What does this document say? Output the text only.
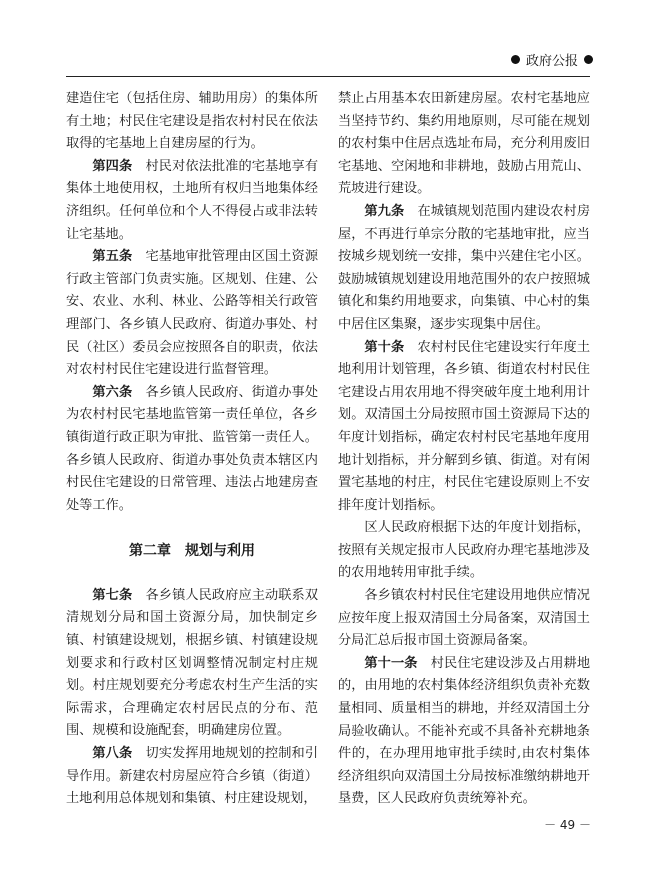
政府公报

建造住宅（包括住房、辅助用房）的集体所有土地；村民住宅建设是指农村村民在依法取得的宅基地上自建房屋的行为。

第四条　村民对依法批准的宅基地享有集体土地使用权，土地所有权归当地集体经济组织。任何单位和个人不得侵占或非法转让宅基地。

第五条　宅基地审批管理由区国土资源行政主管部门负责实施。区规划、住建、公安、农业、水利、林业、公路等相关行政管理部门、各乡镇人民政府、街道办事处、村民（社区）委员会应按照各自的职责，依法对农村村民住宅建设进行监督管理。

第六条　各乡镇人民政府、街道办事处为农村村民宅基地监管第一责任单位，各乡镇街道行政正职为审批、监管第一责任人。各乡镇人民政府、街道办事处负责本辖区内村民住宅建设的日常管理、违法占地建房查处等工作。

第二章　规划与利用

第七条　各乡镇人民政府应主动联系双清规划分局和国土资源分局，加快制定乡镇、村镇建设规划，根据乡镇、村镇建设规划要求和行政村区划调整情况制定村庄规划。村庄规划要充分考虑农村生产生活的实际需求，合理确定农村居民点的分布、范围、规模和设施配套，明确建房位置。

第八条　切实发挥用地规划的控制和引导作用。新建农村房屋应符合乡镇（街道）土地利用总体规划和集镇、村庄建设规划，

禁止占用基本农田新建房屋。农村宅基地应当坚持节约、集约用地原则，尽可能在规划的农村集中住居点选址布局，充分利用废旧宅基地、空闲地和非耕地，鼓励占用荒山、荒坡进行建设。

第九条　在城镇规划范围内建设农村房屋，不再进行单宗分散的宅基地审批，应当按城乡规划统一安排，集中兴建住宅小区。鼓励城镇规划建设用地范围外的农户按照城镇化和集约用地要求，向集镇、中心村的集中居住区集聚，逐步实现集中居住。

第十条　农村村民住宅建设实行年度土地利用计划管理，各乡镇、街道农村村民住宅建设占用农用地不得突破年度土地利用计划。双清国土分局按照市国土资源局下达的年度计划指标，确定农村村民宅基地年度用地计划指标，并分解到乡镇、街道。对有闲置宅基地的村庄，村民住宅建设原则上不安排年度计划指标。

区人民政府根据下达的年度计划指标，按照有关规定报市人民政府办理宅基地涉及的农用地转用审批手续。

各乡镇农村村民住宅建设用地供应情况应按年度上报双清国土分局备案，双清国土分局汇总后报市国土资源局备案。

第十一条　村民住宅建设涉及占用耕地的，由用地的农村集体经济组织负责补充数量相同、质量相当的耕地，并经双清国土分局验收确认。不能补充或不具备补充耕地条件的，在办理用地审批手续时,由农村集体经济组织向双清国土分局按标准缴纳耕地开垦费，区人民政府负责统筹补充。

－ 49 －
